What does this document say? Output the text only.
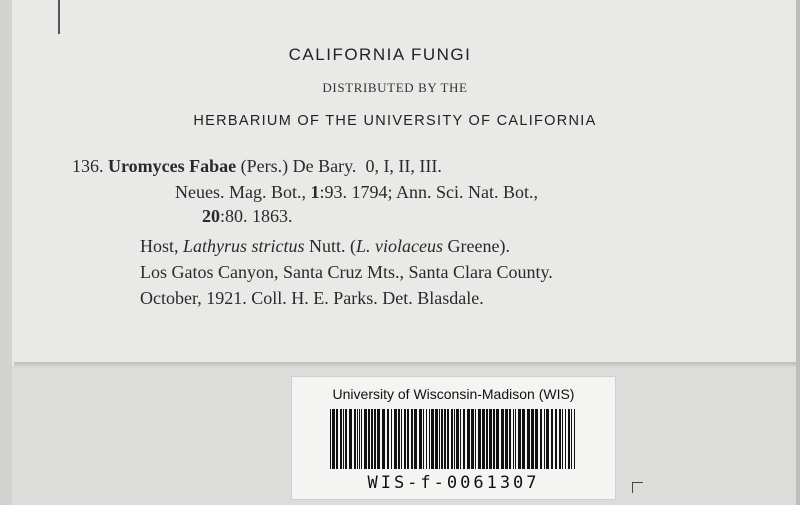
CALIFORNIA FUNGI
DISTRIBUTED BY THE
HERBARIUM OF THE UNIVERSITY OF CALIFORNIA
136. Uromyces Fabae (Pers.) De Bary. 0, I, II, III.
Neues. Mag. Bot., 1:93. 1794; Ann. Sci. Nat. Bot.,
20:80. 1863.
Host, Lathyrus strictus Nutt. (L. violaceus Greene).
Los Gatos Canyon, Santa Cruz Mts., Santa Clara County.
October, 1921. Coll. H. E. Parks. Det. Blasdale.
University of Wisconsin-Madison (WIS)
WIS-f-0061307
